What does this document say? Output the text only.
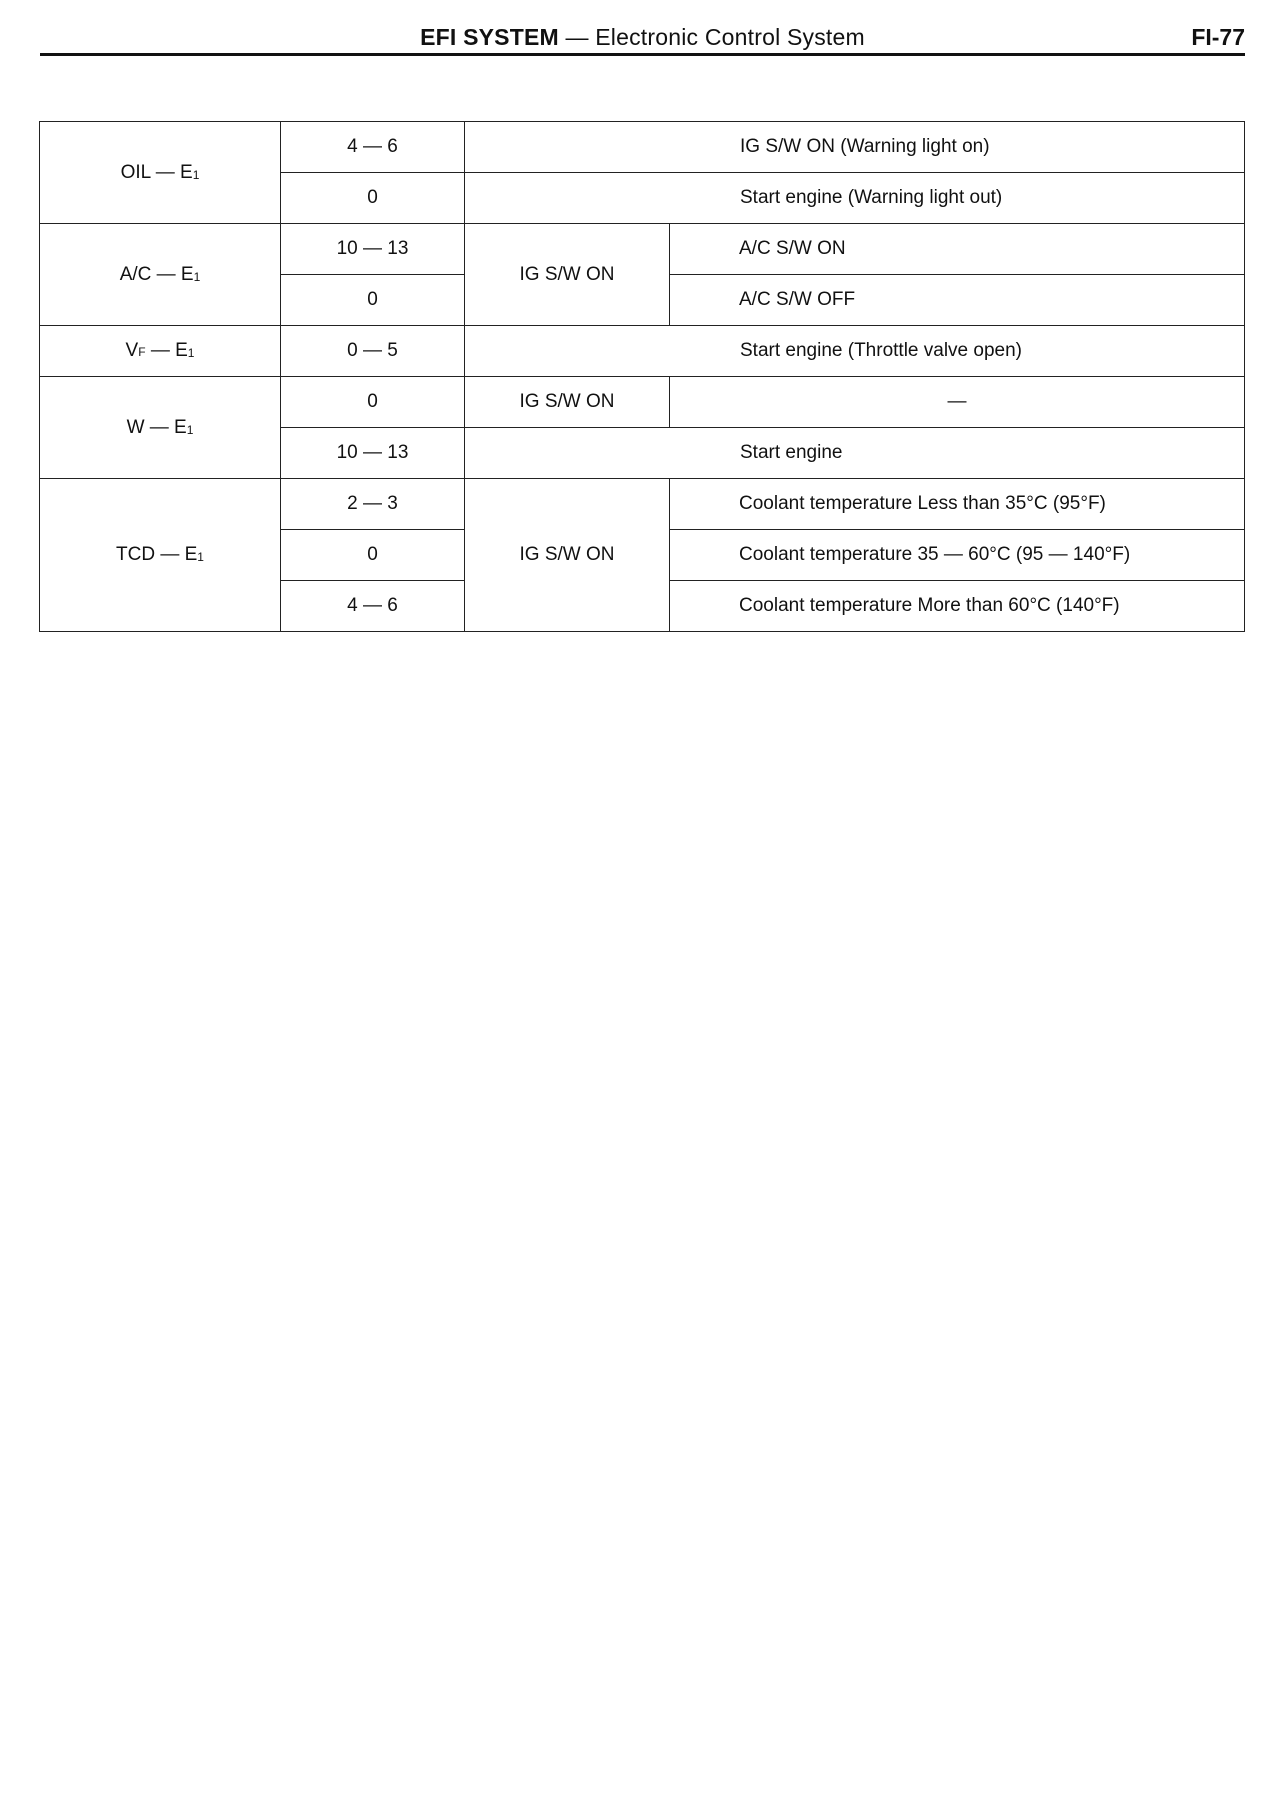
EFI SYSTEM — Electronic Control System	FI-77
OIL — E1	4 — 6	IG S/W ON (Warning light on)	
	0	Start engine (Warning light out)	
A/C — E1	10 — 13	IG S/W ON	A/C S/W ON
	0		A/C S/W OFF
VF — E1	0 — 5	Start engine (Throttle valve open)	
W — E1	0	IG S/W ON	—
	10 — 13	Start engine	
TCD — E1	2 — 3	IG S/W ON	Coolant temperature Less than 35°C (95°F)
	0		Coolant temperature 35 — 60°C (95 — 140°F)
	4 — 6		Coolant temperature More than 60°C (140°F)
